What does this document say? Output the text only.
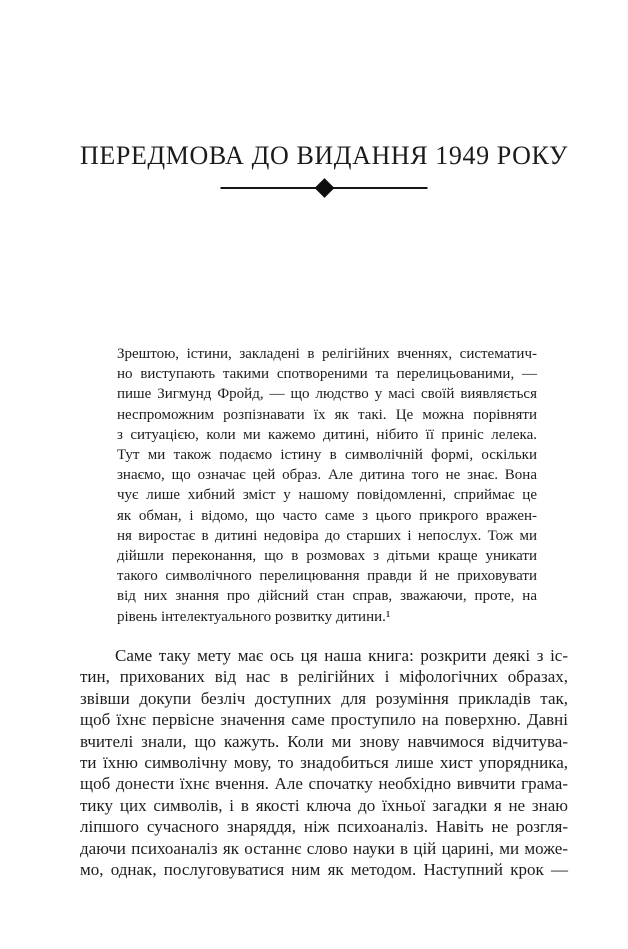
ПЕРЕДМОВА ДО ВИДАННЯ 1949 РОКУ
Зрештою, істини, закладені в релігійних вченнях, систематич-
но виступають такими спотвореними та перелицьованими, —
пише Зигмунд Фройд, — що людство у масі своїй виявляється
неспроможним розпізнавати їх як такі. Це можна порівняти
з ситуацією, коли ми кажемо дитині, нібито її приніс лелека.
Тут ми також подаємо істину в символічній формі, оскільки
знаємо, що означає цей образ. Але дитина того не знає. Вона
чує лише хибний зміст у нашому повідомленні, сприймає це
як обман, і відомо, що часто саме з цього прикрого вражен-
ня виростає в дитині недовіра до старших і непослух. Тож ми
дійшли переконання, що в розмовах з дітьми краще уникати
такого символічного перелицювання правди й не приховувати
від них знання про дійсний стан справ, зважаючи, проте, на
рівень інтелектуального розвитку дитини.¹
Саме таку мету має ось ця наша книга: розкрити деякі з іс-
тин, прихованих від нас в релігійних і міфологічних образах,
звівши докупи безліч доступних для розуміння прикладів так,
щоб їхнє первісне значення саме проступило на поверхню. Давні
вчителі знали, що кажуть. Коли ми знову навчимося відчитува-
ти їхню символічну мову, то знадобиться лише хист упорядника,
щоб донести їхнє вчення. Але спочатку необхідно вивчити грама-
тику цих символів, і в якості ключа до їхньої загадки я не знаю
ліпшого сучасного знаряддя, ніж психоаналіз. Навіть не розгля-
даючи психоаналіз як останнє слово науки в цій царині, ми може-
мо, однак, послуговуватися ним як методом. Наступний крок —
